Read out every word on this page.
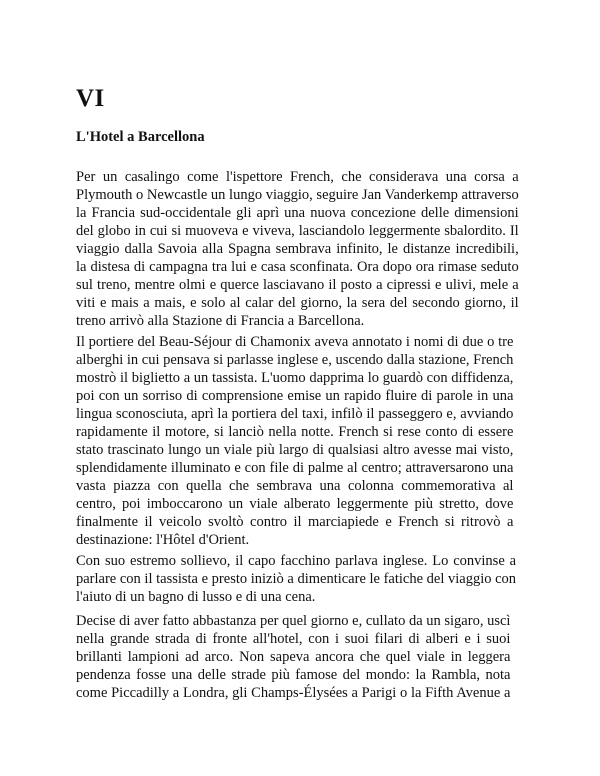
VI
L'Hotel a Barcellona
Per un casalingo come l'ispettore French, che considerava una corsa a
Plymouth o Newcastle un lungo viaggio, seguire Jan Vanderkemp attraverso
la Francia sud-occidentale gli aprì una nuova concezione delle dimensioni
del globo in cui si muoveva e viveva, lasciandolo leggermente sbalordito. Il
viaggio dalla Savoia alla Spagna sembrava infinito, le distanze incredibili,
la distesa di campagna tra lui e casa sconfinata. Ora dopo ora rimase seduto
sul treno, mentre olmi e querce lasciavano il posto a cipressi e ulivi, mele a
viti e mais a mais, e solo al calar del giorno, la sera del secondo giorno, il
treno arrivò alla Stazione di Francia a Barcellona.
Il portiere del Beau-Séjour di Chamonix aveva annotato i nomi di due o tre
alberghi in cui pensava si parlasse inglese e, uscendo dalla stazione, French
mostrò il biglietto a un tassista. L'uomo dapprima lo guardò con diffidenza,
poi con un sorriso di comprensione emise un rapido fluire di parole in una
lingua sconosciuta, aprì la portiera del taxi, infilò il passeggero e, avviando
rapidamente il motore, si lanciò nella notte. French si rese conto di essere
stato trascinato lungo un viale più largo di qualsiasi altro avesse mai visto,
splendidamente illuminato e con file di palme al centro; attraversarono una
vasta piazza con quella che sembrava una colonna commemorativa al
centro, poi imboccarono un viale alberato leggermente più stretto, dove
finalmente il veicolo svoltò contro il marciapiede e French si ritrovò a
destinazione: l'Hôtel d'Orient.
Con suo estremo sollievo, il capo facchino parlava inglese. Lo convinse a
parlare con il tassista e presto iniziò a dimenticare le fatiche del viaggio con
l'aiuto di un bagno di lusso e di una cena.
Decise di aver fatto abbastanza per quel giorno e, cullato da un sigaro, uscì
nella grande strada di fronte all'hotel, con i suoi filari di alberi e i suoi
brillanti lampioni ad arco. Non sapeva ancora che quel viale in leggera
pendenza fosse una delle strade più famose del mondo: la Rambla, nota
come Piccadilly a Londra, gli Champs-Élysées a Parigi o la Fifth Avenue a
